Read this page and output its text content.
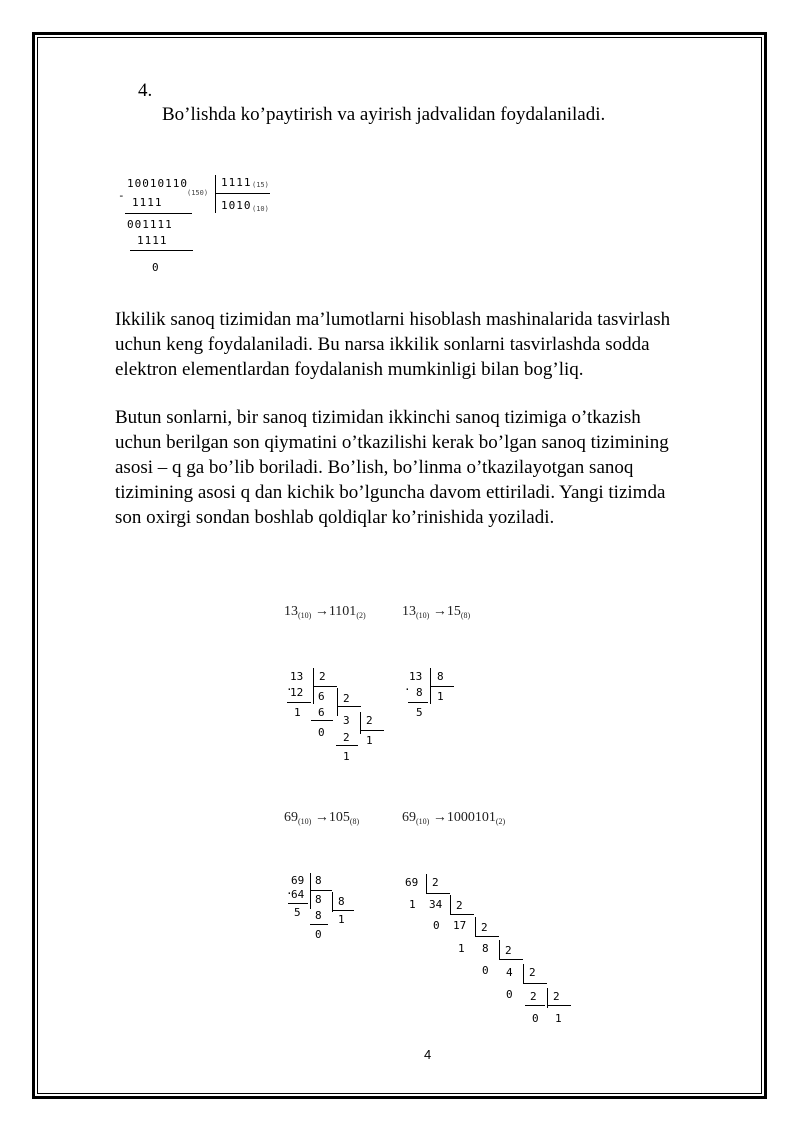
4.
Bo’lishda ko’paytirish va ayirish jadvalidan foydalaniladi.
-
10010110
(150)
1111
001111
1111
0
1111 (15)
1010 (10)
Ikkilik sanoq tizimidan ma’lumotlarni hisoblash mashinalarida tasvirlash
uchun keng foydalaniladi. Bu narsa ikkilik sonlarni tasvirlashda sodda
elektron elementlardan foydalanish mumkinligi bilan bog’liq.
Butun sonlarni, bir sanoq tizimidan ikkinchi sanoq tizimiga o’tkazish
uchun berilgan son qiymatini o’tkazilishi kerak bo’lgan sanoq tizimining
asosi – q ga bo’lib boriladi. Bo’lish, bo’linma o’tkazilayotgan sanoq
tizimining asosi q dan kichik bo’lguncha davom ettiriladi. Yangi tizimda
son oxirgi sondan boshlab qoldiqlar ko’rinishida yoziladi.
$13_{(10)} \to 1101_{(2)}$	$13_{(10)} \to 15_{(8)}$
.
13 2
12
1
6 2
6
0
3 2
2
1
1
.
13 8
8 1
5
$69_{(10)} \to 105_{(8)}$	$69_{(10)} \to 1000101_{(2)}$
.
69 8
64
5
8 8
8
0
1
69 2
1 34 2
0 17 2
1 8 2
0 4 2
0 2 2
0 1
4
